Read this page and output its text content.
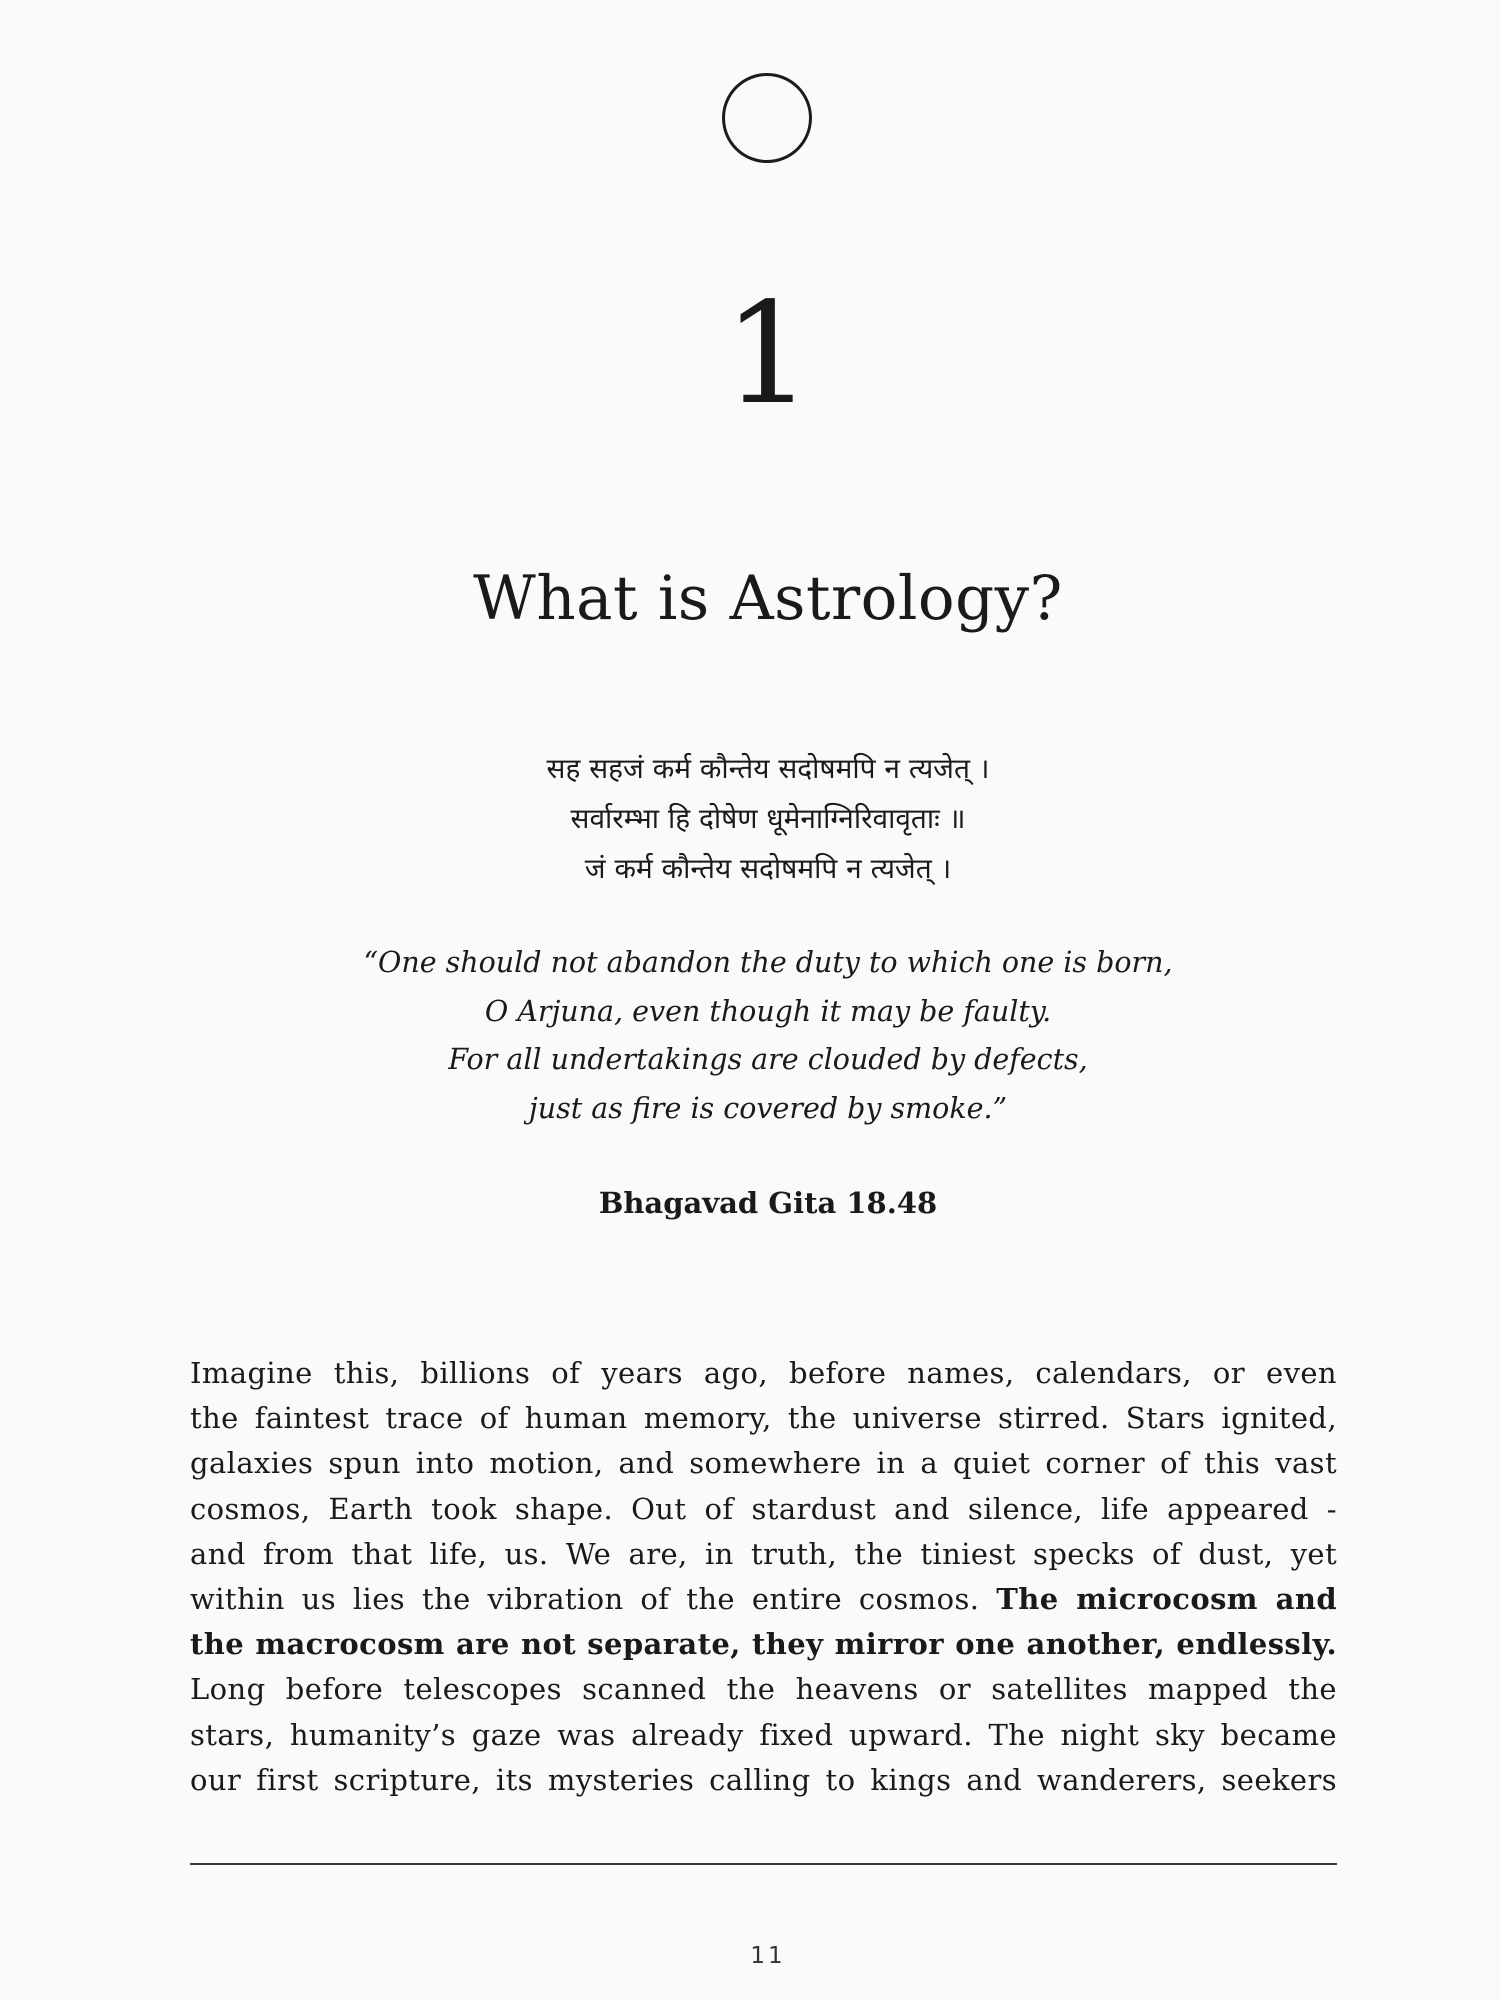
1
What is Astrology?
सह सहजं कर्म कौन्तेय सदोषमपि न त्यजेत् ।
सर्वारम्भा हि दोषेण धूमेनाग्निरिवावृताः ॥
जं कर्म कौन्तेय सदोषमपि न त्यजेत् ।
“One should not abandon the duty to which one is born,
O Arjuna, even though it may be faulty.
For all undertakings are clouded by defects,
just as fire is covered by smoke.”
Bhagavad Gita 18.48
Imagine this, billions of years ago, before names, calendars, or even
the faintest trace of human memory, the universe stirred. Stars ignited,
galaxies spun into motion, and somewhere in a quiet corner of this vast
cosmos, Earth took shape. Out of stardust and silence, life appeared -
and from that life, us. We are, in truth, the tiniest specks of dust, yet
within us lies the vibration of the entire cosmos. The microcosm and
the macrocosm are not separate, they mirror one another, endlessly.
Long before telescopes scanned the heavens or satellites mapped the
stars, humanity’s gaze was already fixed upward. The night sky became
our first scripture, its mysteries calling to kings and wanderers, seekers
11
